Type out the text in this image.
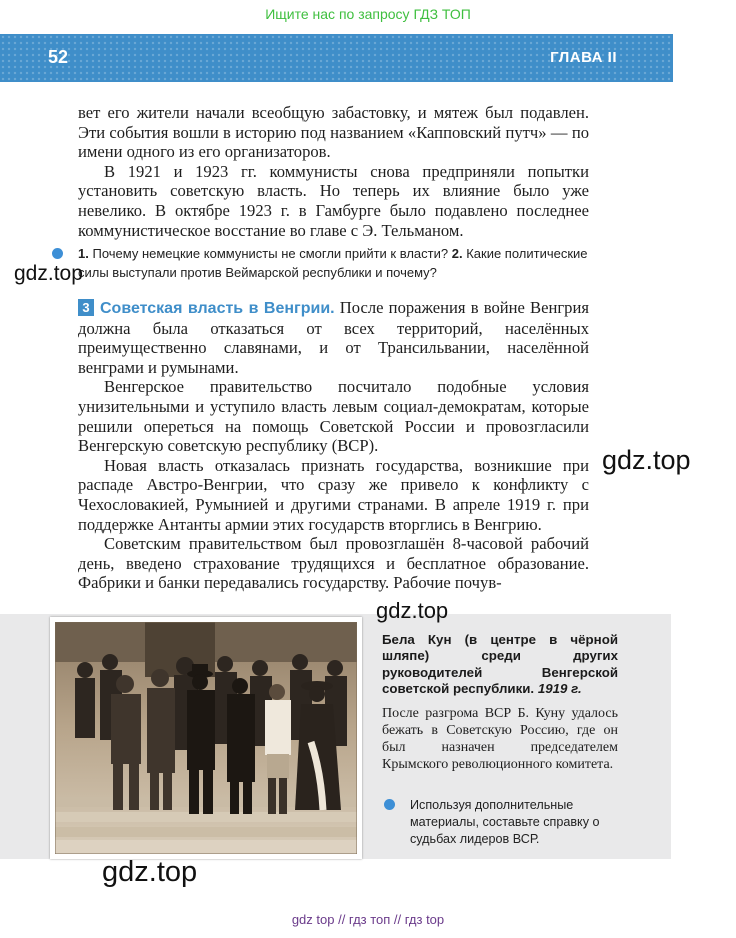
Ищите нас по запросу ГДЗ ТОП
52	ГЛАВА II

вет его жители начали всеобщую забастовку, и мятеж был подавлен. Эти события вошли в историю под названием «Капповский путч» — по имени одного из его организаторов.

В 1921 и 1923 гг. коммунисты снова предприняли попытки установить советскую власть. Но теперь их влияние было уже невелико. В октябре 1923 г. в Гамбурге было подавлено последнее коммунистическое восстание во главе с Э. Тельманом.

1. Почему немецкие коммунисты не смогли прийти к власти? 2. Какие политические силы выступали против Веймарской республики и почему?

3 Советская власть в Венгрии. После поражения в войне Венгрия должна была отказаться от всех территорий, населённых преимущественно славянами, и от Трансильвании, населённой венграми и румынами.

Венгерское правительство посчитало подобные условия унизительными и уступило власть левым социал-демократам, которые решили опереться на помощь Советской России и провозгласили Венгерскую советскую республику (ВСР).

Новая власть отказалась признать государства, возникшие при распаде Австро-Венгрии, что сразу же привело к конфликту с Чехословакией, Румынией и другими странами. В апреле 1919 г. при поддержке Антанты армии этих государств вторглись в Венгрию.

Советским правительством был провозглашён 8-часовой рабочий день, введено страхование трудящихся и бесплатное образование. Фабрики и банки передавались государству. Рабочие почув-

Бела Кун (в центре в чёрной шляпе) среди других руководителей Венгерской советской республики. 1919 г.
После разгрома ВСР Б. Куну удалось бежать в Советскую Россию, где он был назначен председателем Крымского революционного комитета.
Используя дополнительные материалы, составьте справку о судьбах лидеров ВСР.
gdz.top
gdz.top
gdz.top
gdz.top
gdz top // гдз топ // гдз top
